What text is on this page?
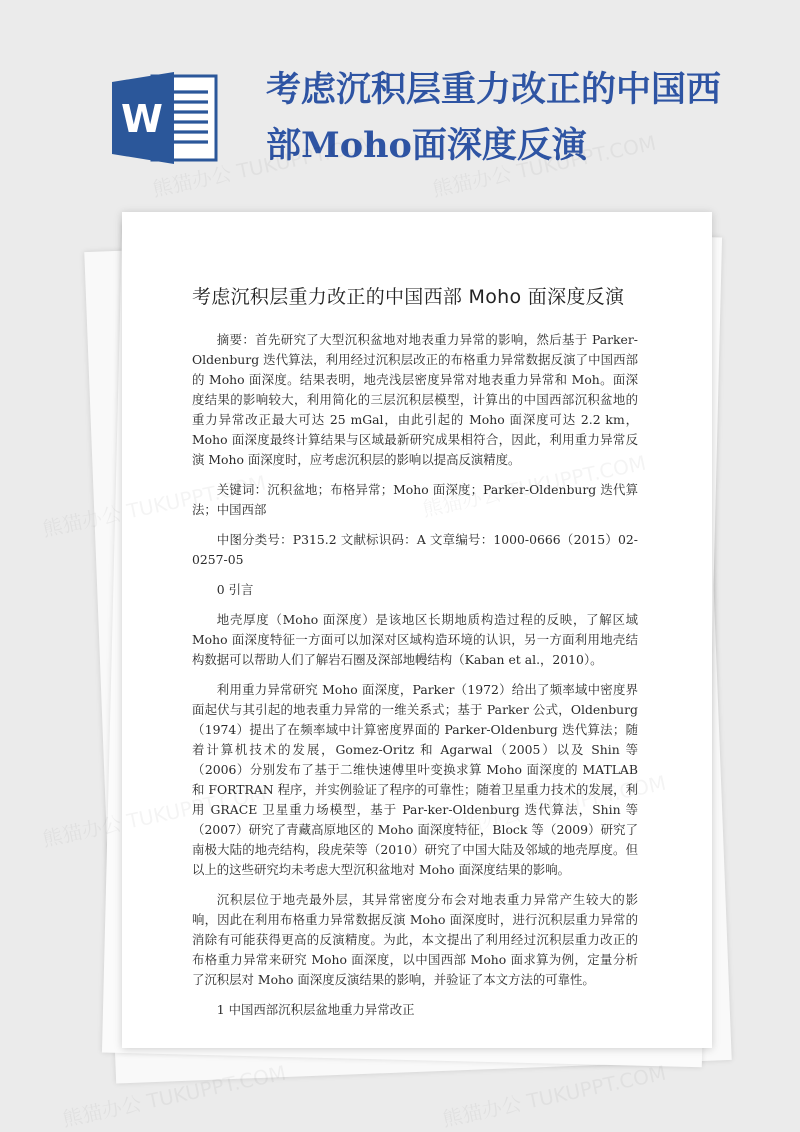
W
考虑沉积层重力改正的中国西
部Moho面深度反演
考虑沉积层重力改正的中国西部 Moho 面深度反演

摘要：首先研究了大型沉积盆地对地表重力异常的影响，然后基于 Parker-Oldenburg 迭代算法，利用经过沉积层改正的布格重力异常数据反演了中国西部的 Moho 面深度。结果表明，地壳浅层密度异常对地表重力异常和 Moh。面深度结果的影响较大，利用简化的三层沉积层模型，计算出的中国西部沉积盆地的重力异常改正最大可达 25 mGal，由此引起的 Moho 面深度可达 2.2 km，Moho 面深度最终计算结果与区域最新研究成果相符合，因此，利用重力异常反演 Moho 面深度时，应考虑沉积层的影响以提高反演精度。

关键词：沉积盆地；布格异常；Moho 面深度；Parker-Oldenburg 迭代算法；中国西部

中图分类号：P315.2 文献标识码：A 文章编号：1000-0666（2015）02-0257-05

0 引言

地壳厚度（Moho 面深度）是该地区长期地质构造过程的反映，了解区域 Moho 面深度特征一方面可以加深对区域构造环境的认识，另一方面利用地壳结构数据可以帮助人们了解岩石圈及深部地幔结构（Kaban et al.，2010）。

利用重力异常研究 Moho 面深度，Parker（1972）给出了频率域中密度界面起伏与其引起的地表重力异常的一维关系式；基于 Parker 公式，Oldenburg（1974）提出了在频率域中计算密度界面的 Parker-Oldenburg 迭代算法；随着计算机技术的发展，Gomez-Oritz 和 Agarwal（2005）以及 Shin 等（2006）分别发布了基于二维快速傅里叶变换求算 Moho 面深度的 MATLAB 和 FORTRAN 程序，并实例验证了程序的可靠性；随着卫星重力技术的发展，利用 GRACE 卫星重力场模型，基于 Par-ker-Oldenburg 迭代算法，Shin 等（2007）研究了青藏高原地区的 Moho 面深度特征，Block 等（2009）研究了南极大陆的地壳结构，段虎荣等（2010）研究了中国大陆及邻域的地壳厚度。但以上的这些研究均未考虑大型沉积盆地对 Moho 面深度结果的影响。

沉积层位于地壳最外层，其异常密度分布会对地表重力异常产生较大的影响，因此在利用布格重力异常数据反演 Moho 面深度时，进行沉积层重力异常的消除有可能获得更高的反演精度。为此，本文提出了利用经过沉积层重力改正的布格重力异常来研究 Moho 面深度，以中国西部 Moho 面求算为例，定量分析了沉积层对 Moho 面深度反演结果的影响，并验证了本文方法的可靠性。

1 中国西部沉积层盆地重力异常改正
